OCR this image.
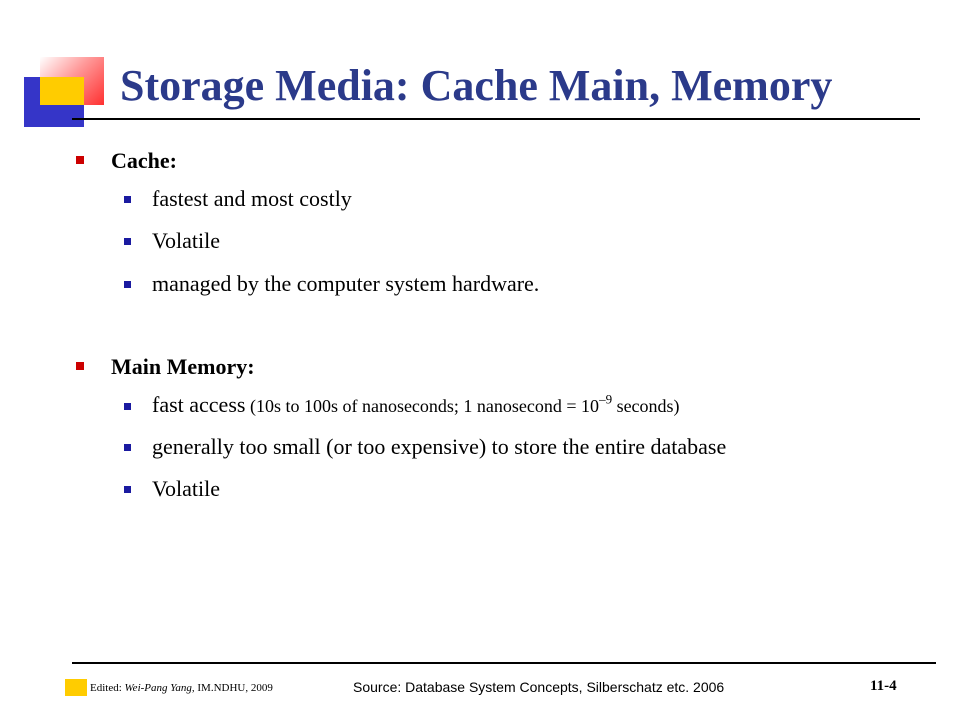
Storage Media: Cache Main, Memory
Cache:
fastest and most costly
Volatile
managed by the computer system hardware.
Main Memory:
fast access (10s to 100s of nanoseconds; 1 nanosecond = $10^{-9}$ seconds)
generally too small (or too expensive) to store the entire database
Volatile
Edited: Wei-Pang Yang, IM.NDHU, 2009	Source: Database System Concepts, Silberschatz etc. 2006	11-4
